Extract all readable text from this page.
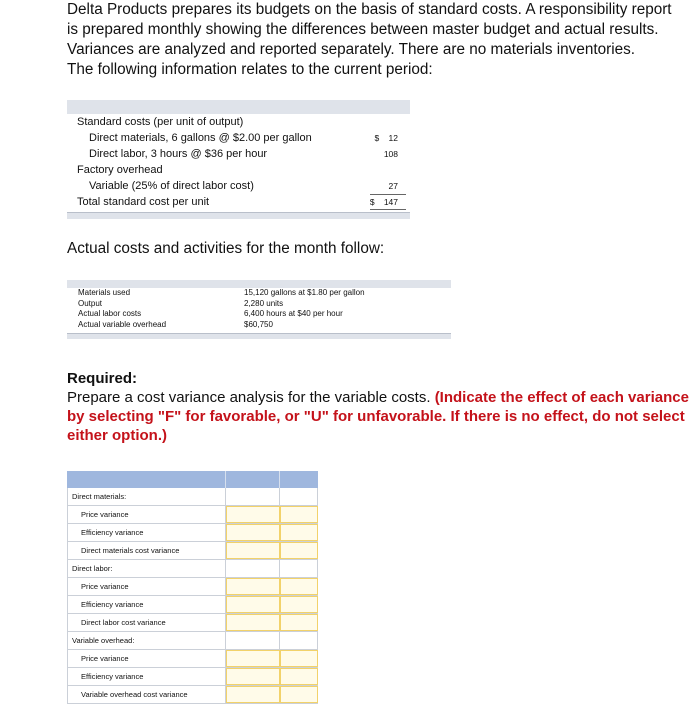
Delta Products prepares its budgets on the basis of standard costs. A responsibility report

is prepared monthly showing the differences between master budget and actual results.

Variances are analyzed and reported separately. There are no materials inventories.

The following information relates to the current period:

Standard costs (per unit of output)
Direct materials, 6 gallons @ $2.00 per gallon	$ 12
Direct labor, 3 hours @ $36 per hour	108
Factory overhead
Variable (25% of direct labor cost)	27
Total standard cost per unit	$ 147
Actual costs and activities for the month follow:
Materials used	15,120 gallons at $1.80 per gallon
Output	2,280 units
Actual labor costs	6,400 hours at $40 per hour
Actual variable overhead	$60,750
Required:
Prepare a cost variance analysis for the variable costs. (Indicate the effect of each variance by selecting "F" for favorable, or "U" for unfavorable. If there is no effect, do not select either option.)
Direct materials:
Price variance
Efficiency variance
Direct materials cost variance
Direct labor:
Price variance
Efficiency variance
Direct labor cost variance
Variable overhead:
Price variance
Efficiency variance
Variable overhead cost variance
